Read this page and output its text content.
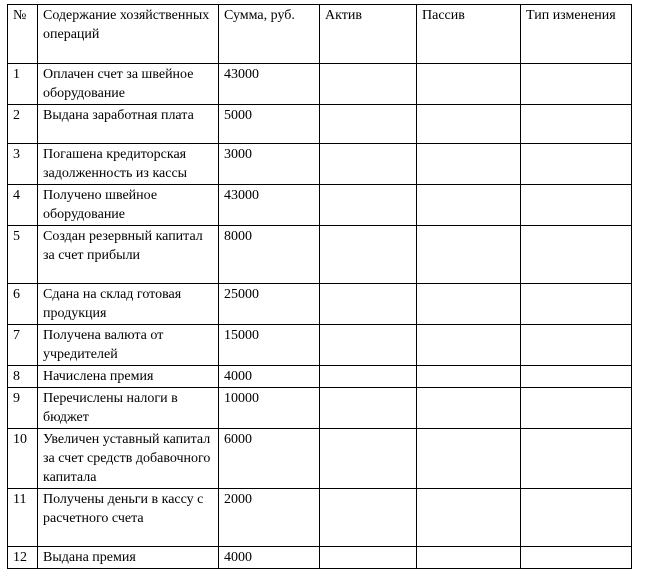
№	Содержание хозяйственных операций	Сумма, руб.	Актив	Пассив	Тип изменения
1	Оплачен счет за швейное оборудование	43000			
2	Выдана заработная плата	5000			
3	Погашена кредиторская задолженность из кассы	3000			
4	Получено швейное оборудование	43000			
5	Создан резервный капитал за счет прибыли	8000			
6	Сдана на склад готовая продукция	25000			
7	Получена валюта от учредителей	15000			
8	Начислена премия	4000			
9	Перечислены налоги в бюджет	10000			
10	Увеличен уставный капитал за счет средств добавочного капитала	6000			
11	Получены деньги в кассу с расчетного счета	2000			
12	Выдана премия	4000			
